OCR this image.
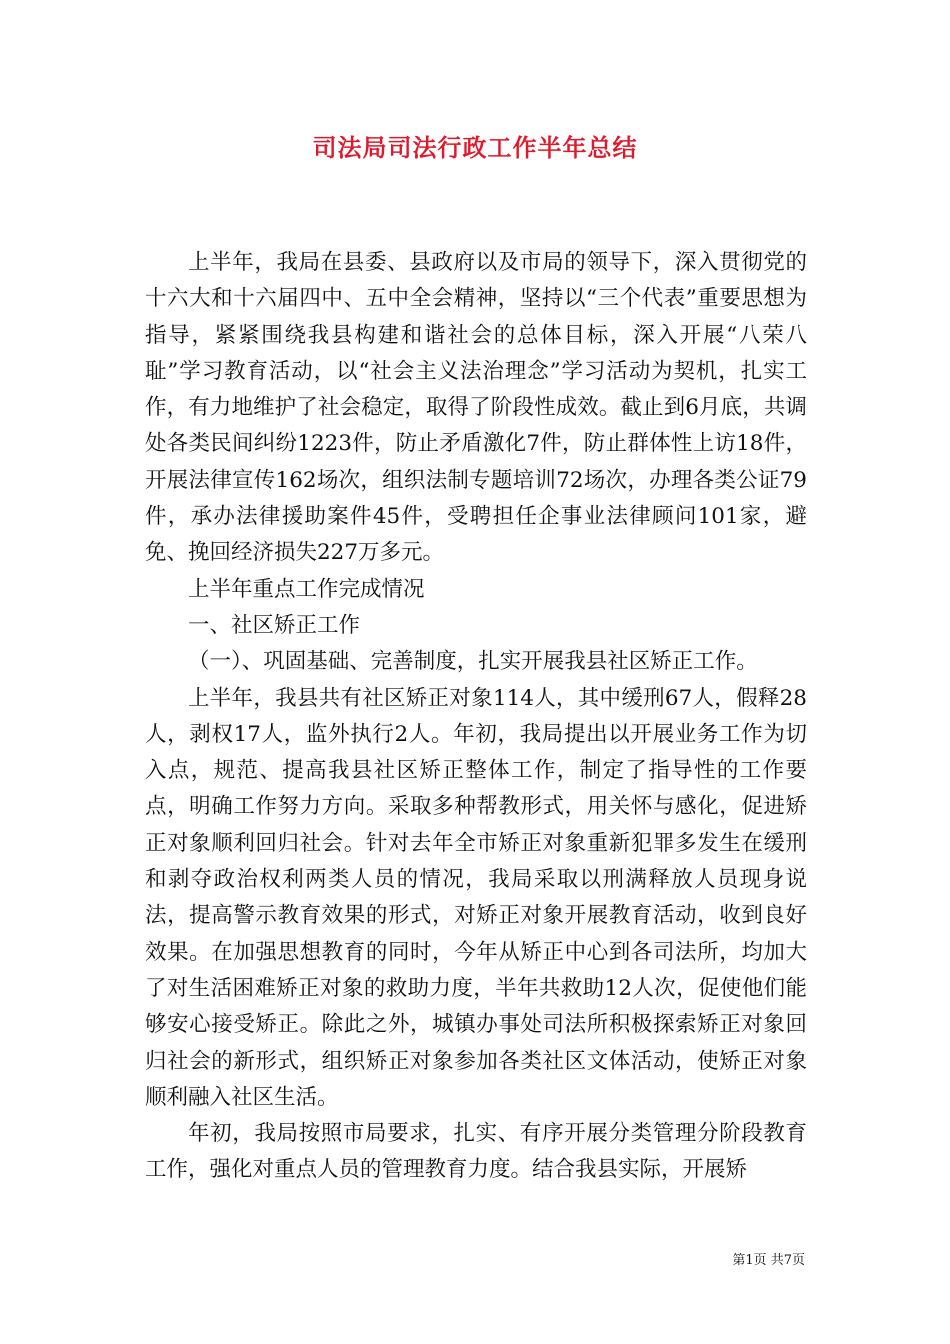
司法局司法行政工作半年总结

上半年，我局在县委、县政府以及市局的领导下，深入贯彻党的十六大和十六届四中、五中全会精神，坚持以“三个代表”重要思想为指导，紧紧围绕我县构建和谐社会的总体目标，深入开展“八荣八耻”学习教育活动，以“社会主义法治理念”学习活动为契机，扎实工作，有力地维护了社会稳定，取得了阶段性成效。截止到6月底，共调处各类民间纠纷1223件，防止矛盾激化7件，防止群体性上访18件，开展法律宣传162场次，组织法制专题培训72场次，办理各类公证79件，承办法律援助案件45件，受聘担任企事业法律顾问101家，避免、挽回经济损失227万多元。

上半年重点工作完成情况

一、社区矫正工作

（一）、巩固基础、完善制度，扎实开展我县社区矫正工作。

上半年，我县共有社区矫正对象114人，其中缓刑67人，假释28人，剥权17人，监外执行2人。年初，我局提出以开展业务工作为切入点，规范、提高我县社区矫正整体工作，制定了指导性的工作要点，明确工作努力方向。采取多种帮教形式，用关怀与感化，促进矫正对象顺利回归社会。针对去年全市矫正对象重新犯罪多发生在缓刑和剥夺政治权利两类人员的情况，我局采取以刑满释放人员现身说法，提高警示教育效果的形式，对矫正对象开展教育活动，收到良好效果。在加强思想教育的同时，今年从矫正中心到各司法所，均加大了对生活困难矫正对象的救助力度，半年共救助12人次，促使他们能够安心接受矫正。除此之外，城镇办事处司法所积极探索矫正对象回归社会的新形式，组织矫正对象参加各类社区文体活动，使矫正对象顺利融入社区生活。

年初，我局按照市局要求，扎实、有序开展分类管理分阶段教育工作，强化对重点人员的管理教育力度。结合我县实际，开展矫

第1页 共7页
